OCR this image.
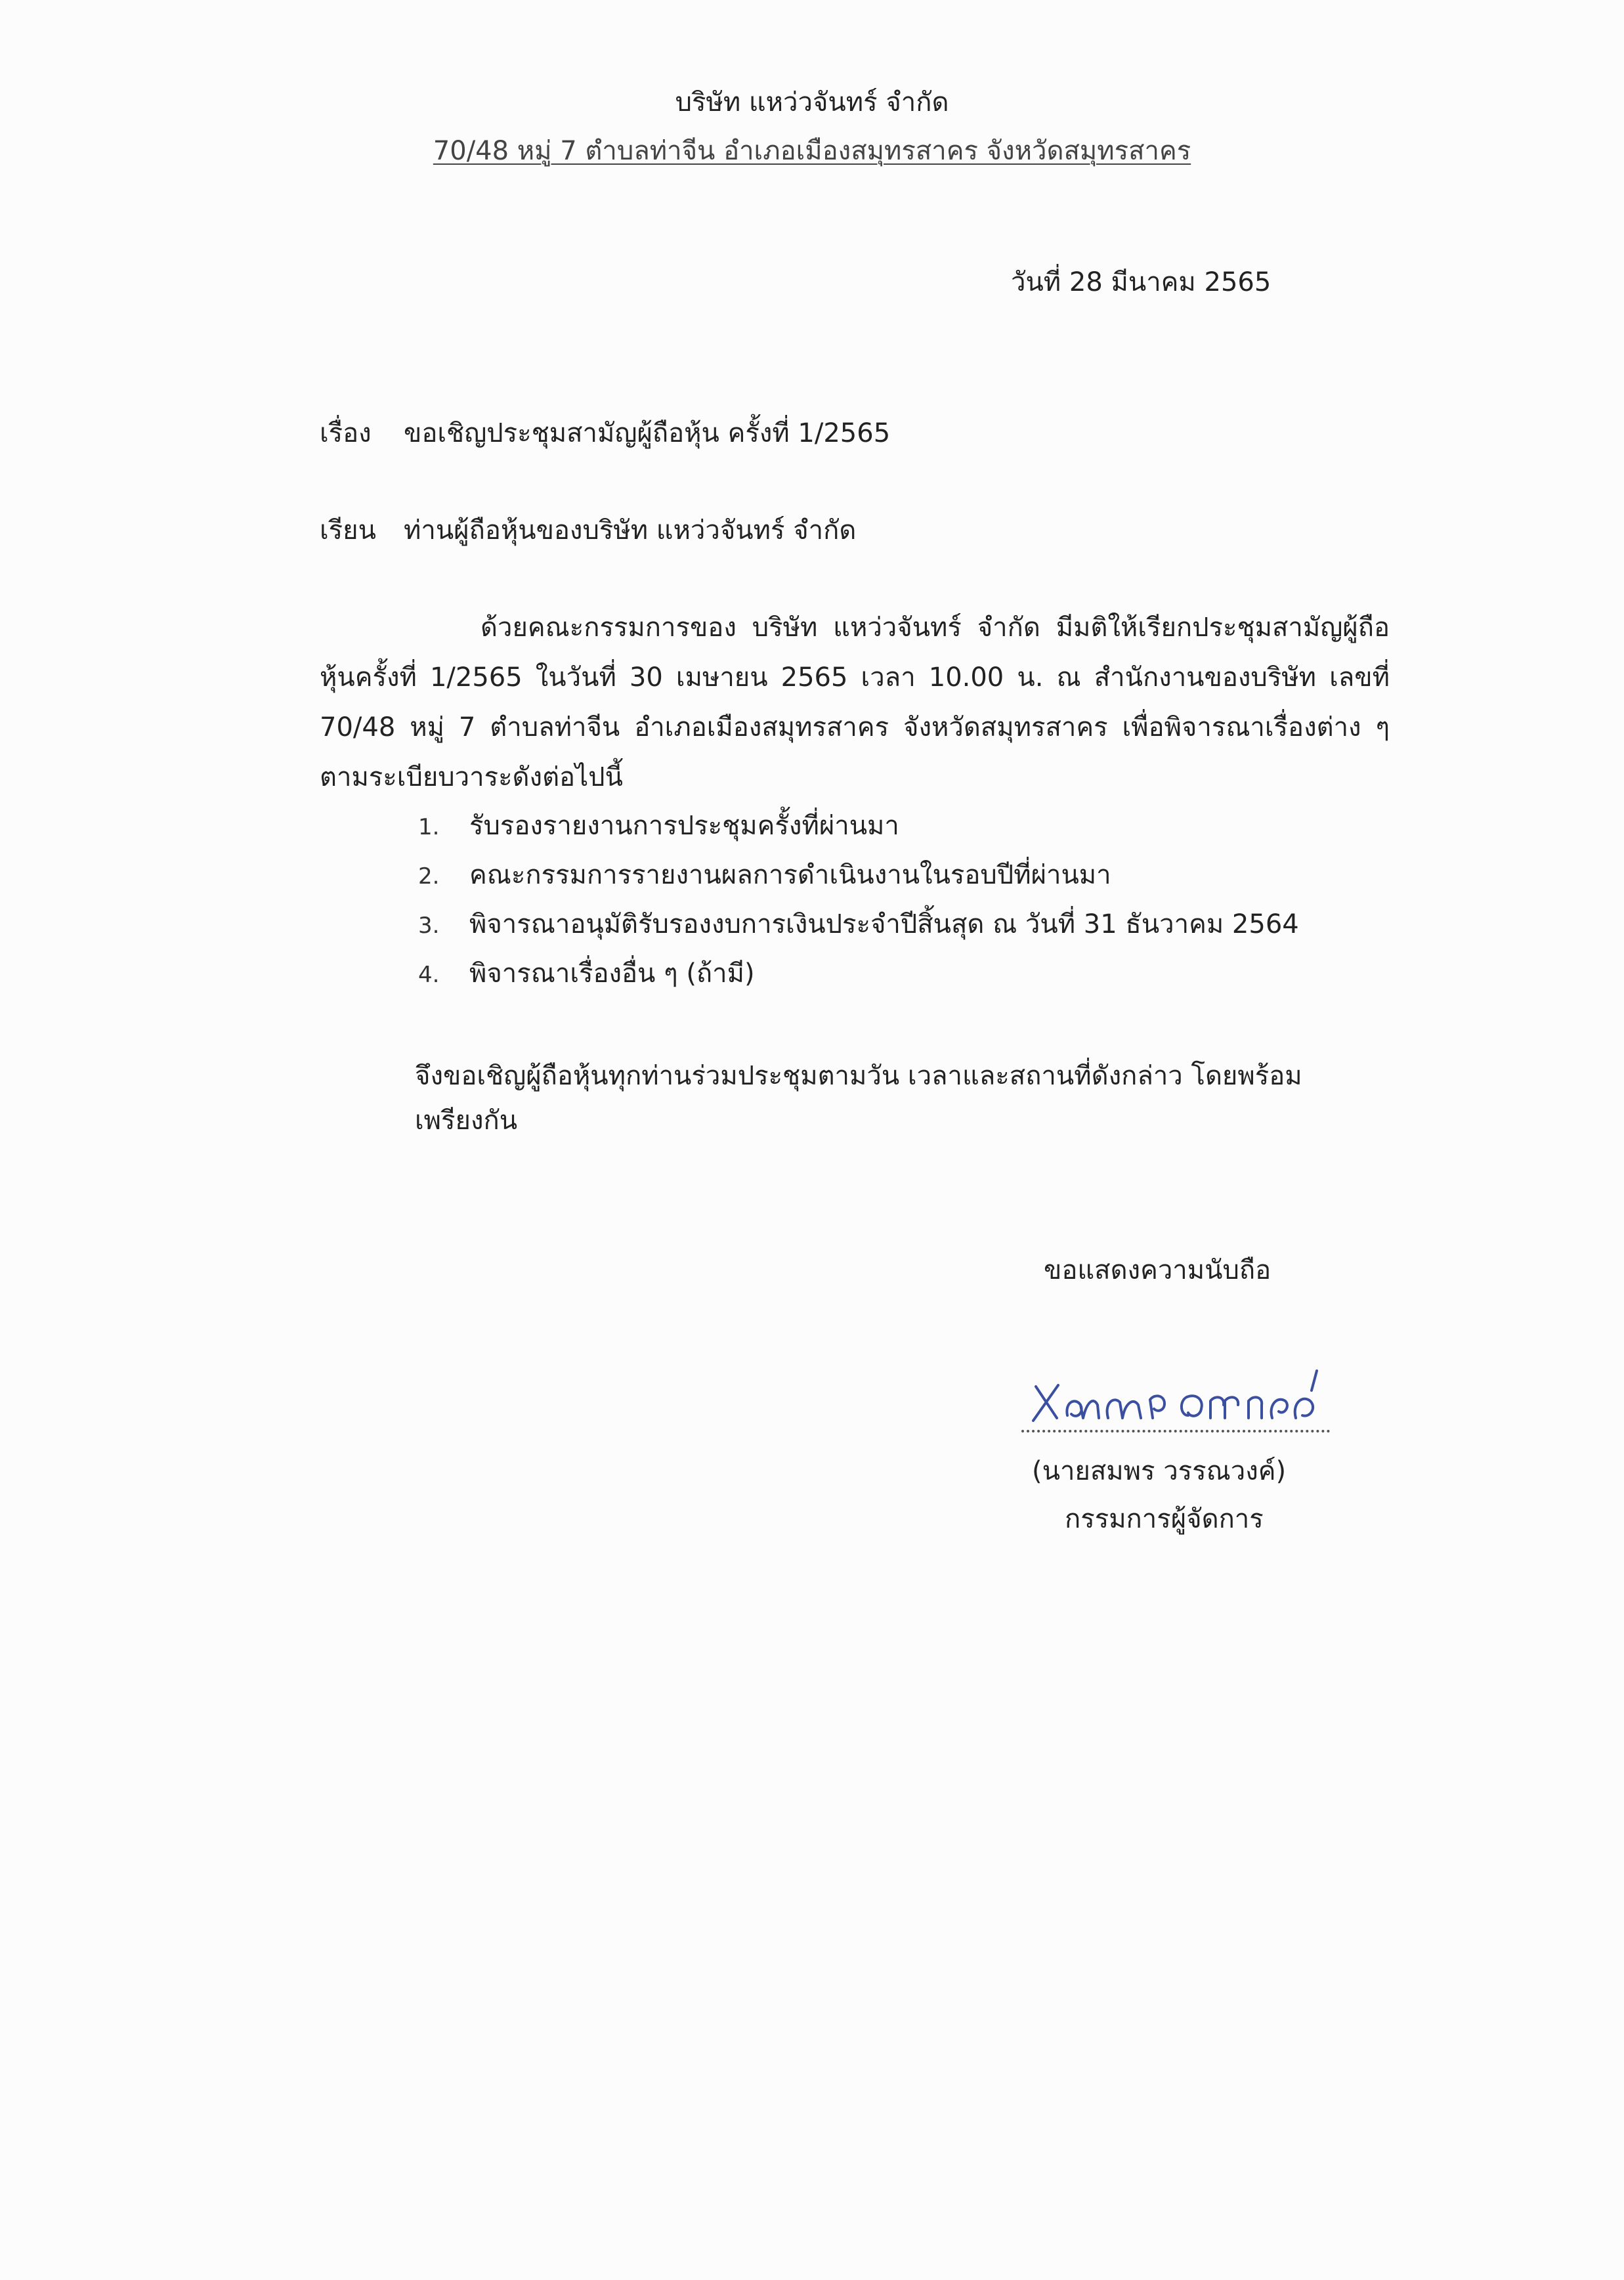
บริษัท แหว่วจันทร์ จำกัด
70/48 หมู่ 7 ตำบลท่าจีน อำเภอเมืองสมุทรสาคร จังหวัดสมุทรสาคร
วันที่ 28 มีนาคม 2565
เรื่อง ขอเชิญประชุมสามัญผู้ถือหุ้น ครั้งที่ 1/2565
เรียน ท่านผู้ถือหุ้นของบริษัท แหว่วจันทร์ จำกัด
ด้วยคณะกรรมการของ บริษัท แหว่วจันทร์ จำกัด มีมติให้เรียกประชุมสามัญผู้ถือหุ้นครั้งที่ 1/2565 ในวันที่ 30 เมษายน 2565 เวลา 10.00 น. ณ สำนักงานของบริษัท เลขที่ 70/48 หมู่ 7 ตำบลท่าจีน อำเภอเมืองสมุทรสาคร จังหวัดสมุทรสาคร เพื่อพิจารณาเรื่องต่าง ๆ ตามระเบียบวาระดังต่อไปนี้
1. รับรองรายงานการประชุมครั้งที่ผ่านมา
2. คณะกรรมการรายงานผลการดำเนินงานในรอบปีที่ผ่านมา
3. พิจารณาอนุมัติรับรองงบการเงินประจำปีสิ้นสุด ณ วันที่ 31 ธันวาคม 2564
4. พิจารณาเรื่องอื่น ๆ (ถ้ามี)
จึงขอเชิญผู้ถือหุ้นทุกท่านร่วมประชุมตามวัน เวลาและสถานที่ดังกล่าว โดยพร้อมเพรียงกัน
ขอแสดงความนับถือ
(นายสมพร วรรณวงค์)
กรรมการผู้จัดการ
